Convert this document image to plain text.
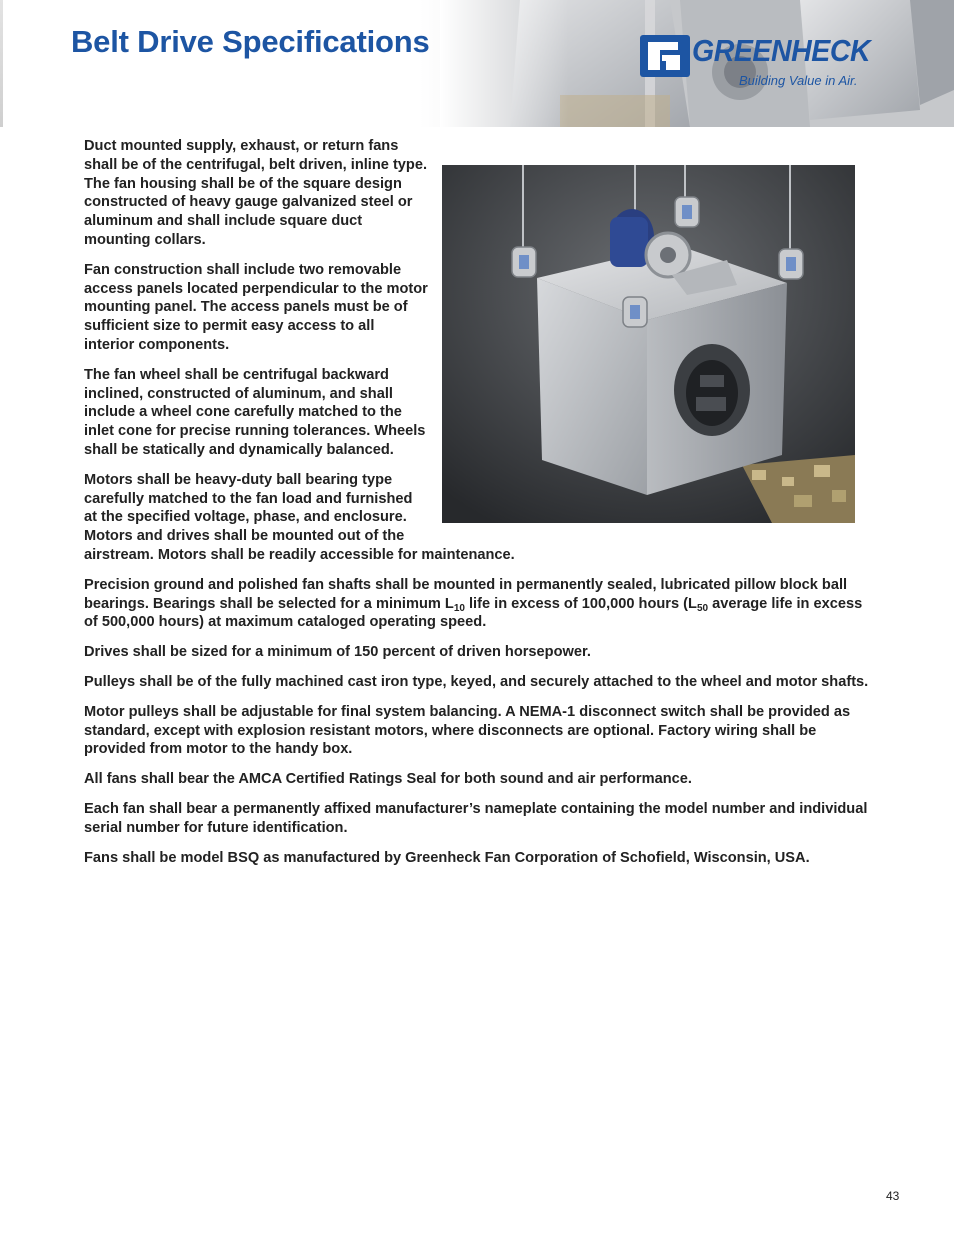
Belt Drive Specifications	GREENHECK
Building Value in Air.

Duct mounted supply, exhaust, or return fans shall be of the centrifugal, belt driven, inline type. The fan housing shall be of the square design constructed of heavy gauge galvanized steel or aluminum and shall include square duct mounting collars.

Fan construction shall include two removable access panels located perpendicular to the motor mounting panel. The access panels must be of sufficient size to permit easy access to all interior components.

The fan wheel shall be centrifugal backward inclined, constructed of aluminum, and shall include a wheel cone carefully matched to the inlet cone for precise running tolerances. Wheels shall be statically and dynamically balanced.

Motors shall be heavy-duty ball bearing type carefully matched to the fan load and furnished at the specified voltage, phase, and enclosure. Motors and drives shall be mounted out of the airstream. Motors shall be readily accessible for maintenance.

Precision ground and polished fan shafts shall be mounted in permanently sealed, lubricated pillow block ball bearings. Bearings shall be selected for a minimum $L_{10}$ life in excess of 100,000 hours ($L_{50}$ average life in excess of 500,000 hours) at maximum cataloged operating speed.

Drives shall be sized for a minimum of 150 percent of driven horsepower.

Pulleys shall be of the fully machined cast iron type, keyed, and securely attached to the wheel and motor shafts.

Motor pulleys shall be adjustable for final system balancing. A NEMA-1 disconnect switch shall be provided as standard, except with explosion resistant motors, where disconnects are optional. Factory wiring shall be provided from motor to the handy box.

All fans shall bear the AMCA Certified Ratings Seal for both sound and air performance.

Each fan shall bear a permanently affixed manufacturer’s nameplate containing the model number and individual serial number for future identification.

Fans shall be model BSQ as manufactured by Greenheck Fan Corporation of Schofield, Wisconsin, USA.

43
